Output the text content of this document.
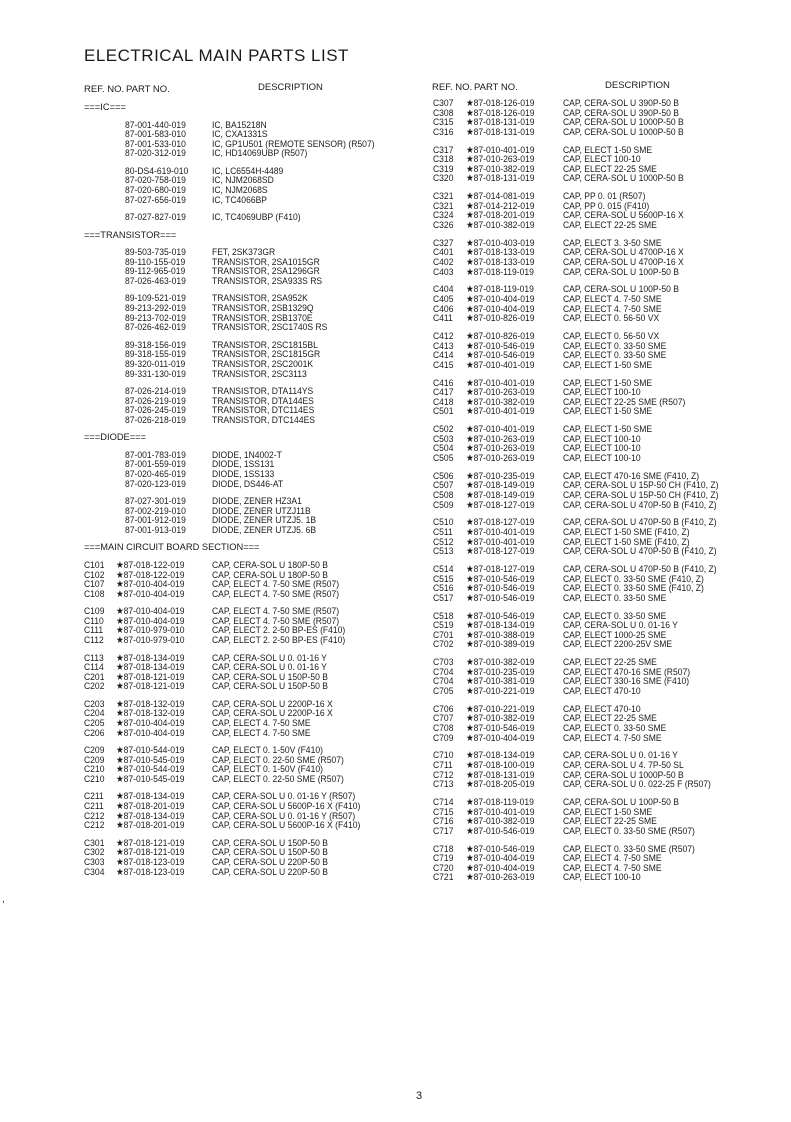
ELECTRICAL MAIN PARTS LIST
REF. NO. PART NO.	DESCRIPTION	REF. NO. PART NO.	DESCRIPTION
===IC===
87-001-440-019	IC, BA15218N
87-001-583-010	IC, CXA1331S
87-001-533-010	IC, GP1U501 (REMOTE SENSOR) (R507)
87-020-312-019	IC, HD14069UBP (R507)
80-DS4-619-010	IC, LC6554H-4489
87-020-758-019	IC, NJM2068SD
87-020-680-019	IC, NJM2068S
87-027-656-019	IC, TC4066BP
87-027-827-019	IC, TC4069UBP (F410)
===TRANSISTOR===
89-503-735-019	FET, 2SK373GR
89-110-155-019	TRANSISTOR, 2SA1015GR
89-112-965-019	TRANSISTOR, 2SA1296GR
87-026-463-019	TRANSISTOR, 2SA933S RS
89-109-521-019	TRANSISTOR, 2SA952K
89-213-292-019	TRANSISTOR, 2SB1329Q
89-213-702-019	TRANSISTOR, 2SB1370E
87-026-462-019	TRANSISTOR, 2SC1740S RS
89-318-156-019	TRANSISTOR, 2SC1815BL
89-318-155-019	TRANSISTOR, 2SC1815GR
89-320-011-019	TRANSISTOR, 2SC2001K
89-331-130-019	TRANSISTOR, 2SC3113
87-026-214-019	TRANSISTOR, DTA114YS
87-026-219-019	TRANSISTOR, DTA144ES
87-026-245-019	TRANSISTOR, DTC114ES
87-026-218-019	TRANSISTOR, DTC144ES
===DIODE===
87-001-783-019	DIODE, 1N4002-T
87-001-559-019	DIODE, 1SS131
87-020-465-019	DIODE, 1SS133
87-020-123-019	DIODE, DS446-AT
87-027-301-019	DIODE, ZENER HZ3A1
87-002-219-010	DIODE, ZENER UTZJ11B
87-001-912-019	DIODE, ZENER UTZJ5. 1B
87-001-913-019	DIODE, ZENER UTZJ5. 6B
===MAIN CIRCUIT BOARD SECTION===
C101 ★87-018-122-019	CAP, CERA-SOL U 180P-50 B
C102 ★87-018-122-019	CAP, CERA-SOL U 180P-50 B
C107 ★87-010-404-019	CAP, ELECT 4. 7-50 SME (R507)
C108 ★87-010-404-019	CAP, ELECT 4. 7-50 SME (R507)
C109 ★87-010-404-019	CAP, ELECT 4. 7-50 SME (R507)
C110 ★87-010-404-019	CAP, ELECT 4. 7-50 SME (R507)
C111 ★87-010-979-010	CAP, ELECT 2. 2-50 BP-ES (F410)
C112 ★87-010-979-010	CAP, ELECT 2. 2-50 BP-ES (F410)
C113 ★87-018-134-019	CAP, CERA-SOL U 0. 01-16 Y
C114 ★87-018-134-019	CAP, CERA-SOL U 0. 01-16 Y
C201 ★87-018-121-019	CAP, CERA-SOL U 150P-50 B
C202 ★87-018-121-019	CAP, CERA-SOL U 150P-50 B
C203 ★87-018-132-019	CAP, CERA-SOL U 2200P-16 X
C204 ★87-018-132-019	CAP, CERA-SOL U 2200P-16 X
C205 ★87-010-404-019	CAP, ELECT 4. 7-50 SME
C206 ★87-010-404-019	CAP, ELECT 4. 7-50 SME
C209 ★87-010-544-019	CAP, ELECT 0. 1-50V (F410)
C209 ★87-010-545-019	CAP, ELECT 0. 22-50 SME (R507)
C210 ★87-010-544-019	CAP, ELECT 0. 1-50V (F410)
C210 ★87-010-545-019	CAP, ELECT 0. 22-50 SME (R507)
C211 ★87-018-134-019	CAP, CERA-SOL U 0. 01-16 Y (R507)
C211 ★87-018-201-019	CAP, CERA-SOL U 5600P-16 X (F410)
C212 ★87-018-134-019	CAP, CERA-SOL U 0. 01-16 Y (R507)
C212 ★87-018-201-019	CAP, CERA-SOL U 5600P-16 X (F410)
C301 ★87-018-121-019	CAP, CERA-SOL U 150P-50 B
C302 ★87-018-121-019	CAP, CERA-SOL U 150P-50 B
C303 ★87-018-123-019	CAP, CERA-SOL U 220P-50 B
C304 ★87-018-123-019	CAP, CERA-SOL U 220P-50 B
C307 ★87-018-126-019	CAP, CERA-SOL U 390P-50 B
C308 ★87-018-126-019	CAP, CERA-SOL U 390P-50 B
C315 ★87-018-131-019	CAP, CERA-SOL U 1000P-50 B
C316 ★87-018-131-019	CAP, CERA-SOL U 1000P-50 B
C317 ★87-010-401-019	CAP, ELECT 1-50 SME
C318 ★87-010-263-019	CAP, ELECT 100-10
C319 ★87-010-382-019	CAP, ELECT 22-25 SME
C320 ★87-018-131-019	CAP, CERA-SOL U 1000P-50 B
C321 ★87-014-081-019	CAP, PP 0. 01 (R507)
C321 ★87-014-212-019	CAP, PP 0. 015 (F410)
C324 ★87-018-201-019	CAP, CERA-SOL U 5600P-16 X
C326 ★87-010-382-019	CAP, ELECT 22-25 SME
C327 ★87-010-403-019	CAP, ELECT 3. 3-50 SME
C401 ★87-018-133-019	CAP, CERA-SOL U 4700P-16 X
C402 ★87-018-133-019	CAP, CERA-SOL U 4700P-16 X
C403 ★87-018-119-019	CAP, CERA-SOL U 100P-50 B
C404 ★87-018-119-019	CAP, CERA-SOL U 100P-50 B
C405 ★87-010-404-019	CAP, ELECT 4. 7-50 SME
C406 ★87-010-404-019	CAP, ELECT 4. 7-50 SME
C411 ★87-010-826-019	CAP, ELECT 0. 56-50 VX
C412 ★87-010-826-019	CAP, ELECT 0. 56-50 VX
C413 ★87-010-546-019	CAP, ELECT 0. 33-50 SME
C414 ★87-010-546-019	CAP, ELECT 0. 33-50 SME
C415 ★87-010-401-019	CAP, ELECT 1-50 SME
C416 ★87-010-401-019	CAP, ELECT 1-50 SME
C417 ★87-010-263-019	CAP, ELECT 100-10
C418 ★87-010-382-019	CAP, ELECT 22-25 SME (R507)
C501 ★87-010-401-019	CAP, ELECT 1-50 SME
C502 ★87-010-401-019	CAP, ELECT 1-50 SME
C503 ★87-010-263-019	CAP, ELECT 100-10
C504 ★87-010-263-019	CAP, ELECT 100-10
C505 ★87-010-263-019	CAP, ELECT 100-10
C506 ★87-010-235-019	CAP, ELECT 470-16 SME (F410, Z)
C507 ★87-018-149-019	CAP, CERA-SOL U 15P-50 CH (F410, Z)
C508 ★87-018-149-019	CAP, CERA-SOL U 15P-50 CH (F410, Z)
C509 ★87-018-127-019	CAP, CERA-SOL U 470P-50 B (F410, Z)
C510 ★87-018-127-019	CAP, CERA-SOL U 470P-50 B (F410, Z)
C511 ★87-010-401-019	CAP, ELECT 1-50 SME (F410, Z)
C512 ★87-010-401-019	CAP, ELECT 1-50 SME (F410, Z)
C513 ★87-018-127-019	CAP, CERA-SOL U 470P-50 B (F410, Z)
C514 ★87-018-127-019	CAP, CERA-SOL U 470P-50 B (F410, Z)
C515 ★87-010-546-019	CAP, ELECT 0. 33-50 SME (F410, Z)
C516 ★87-010-546-019	CAP, ELECT 0. 33-50 SME (F410, Z)
C517 ★87-010-546-019	CAP, ELECT 0. 33-50 SME
C518 ★87-010-546-019	CAP, ELECT 0. 33-50 SME
C519 ★87-018-134-019	CAP, CERA-SOL U 0. 01-16 Y
C701 ★87-010-388-019	CAP, ELECT 1000-25 SME
C702 ★87-010-389-019	CAP, ELECT 2200-25V SME
C703 ★87-010-382-019	CAP, ELECT 22-25 SME
C704 ★87-010-235-019	CAP, ELECT 470-16 SME (R507)
C704 ★87-010-381-019	CAP, ELECT 330-16 SME (F410)
C705 ★87-010-221-019	CAP, ELECT 470-10
C706 ★87-010-221-019	CAP, ELECT 470-10
C707 ★87-010-382-019	CAP, ELECT 22-25 SME
C708 ★87-010-546-019	CAP, ELECT 0. 33-50 SME
C709 ★87-010-404-019	CAP, ELECT 4. 7-50 SME
C710 ★87-018-134-019	CAP, CERA-SOL U 0. 01-16 Y
C711 ★87-018-100-019	CAP, CERA-SOL U 4. 7P-50 SL
C712 ★87-018-131-019	CAP, CERA-SOL U 1000P-50 B
C713 ★87-018-205-019	CAP, CERA-SOL U 0. 022-25 F (R507)
C714 ★87-018-119-019	CAP, CERA-SOL U 100P-50 B
C715 ★87-010-401-019	CAP, ELECT 1-50 SME
C716 ★87-010-382-019	CAP, ELECT 22-25 SME
C717 ★87-010-546-019	CAP, ELECT 0. 33-50 SME (R507)
C718 ★87-010-546-019	CAP, ELECT 0. 33-50 SME (R507)
C719 ★87-010-404-019	CAP, ELECT 4. 7-50 SME
C720 ★87-010-404-019	CAP, ELECT 4. 7-50 SME
C721 ★87-010-263-019	CAP, ELECT 100-10
,
3
